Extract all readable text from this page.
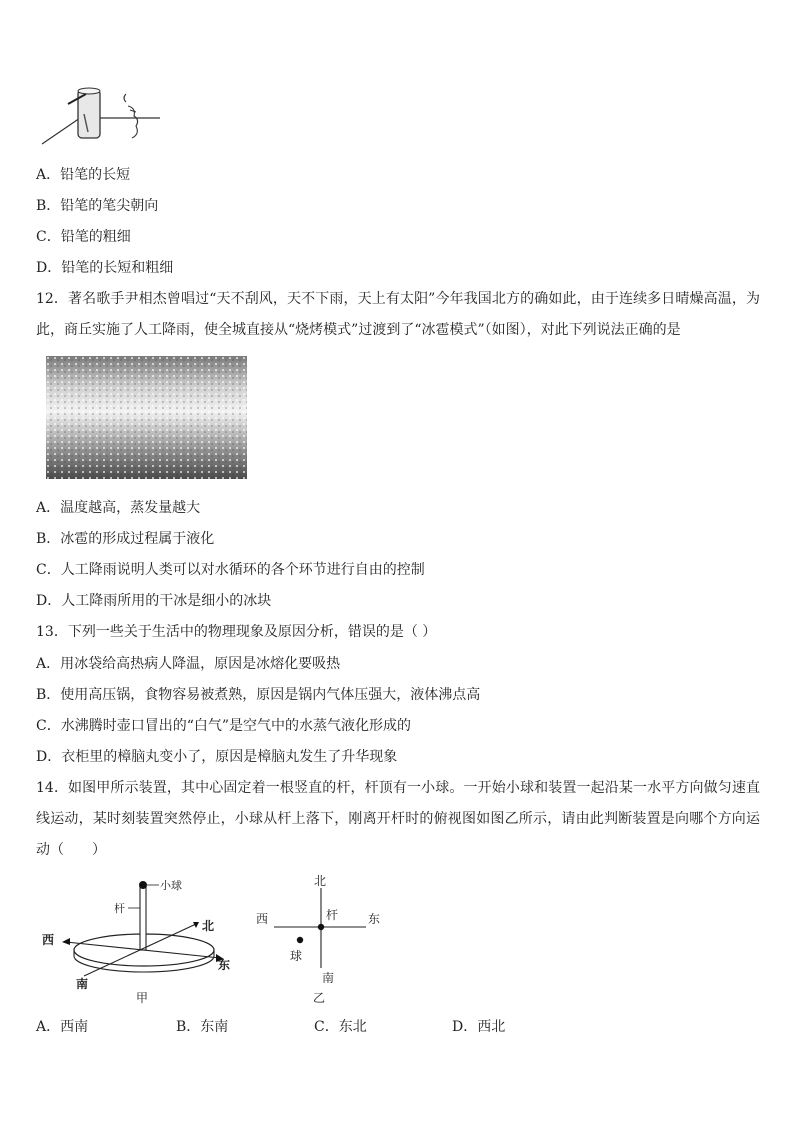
A．铅笔的长短
B．铅笔的笔尖朝向
C．铅笔的粗细
D．铅笔的长短和粗细
12．著名歌手尹相杰曾唱过“天不刮风，天不下雨，天上有太阳”今年我国北方的确如此，由于连续多日晴燥高温，为此，商丘实施了人工降雨，使全城直接从“烧烤模式”过渡到了“冰雹模式”（如图），对此下列说法正确的是
A．温度越高，蒸发量越大
B．冰雹的形成过程属于液化
C．人工降雨说明人类可以对水循环的各个环节进行自由的控制
D．人工降雨所用的干冰是细小的冰块
13．下列一些关于生活中的物理现象及原因分析，错误的是（ ）
A．用冰袋给高热病人降温，原因是冰熔化要吸热
B．使用高压锅，食物容易被煮熟，原因是锅内气体压强大，液体沸点高
C．水沸腾时壶口冒出的“白气”是空气中的水蒸气液化形成的
D．衣柜里的樟脑丸变小了，原因是樟脑丸发生了升华现象
14．如图甲所示装置，其中心固定着一根竖直的杆，杆顶有一小球。一开始小球和装置一起沿某一水平方向做匀速直线运动，某时刻装置突然停止，小球从杆上落下，刚离开杆时的俯视图如图乙所示，请由此判断装置是向哪个方向运动（　　）
小球
杆
西
北
东
南
甲
北
西	东
杆
球
南
乙
A．西南	B．东南	C．东北	D．西北
